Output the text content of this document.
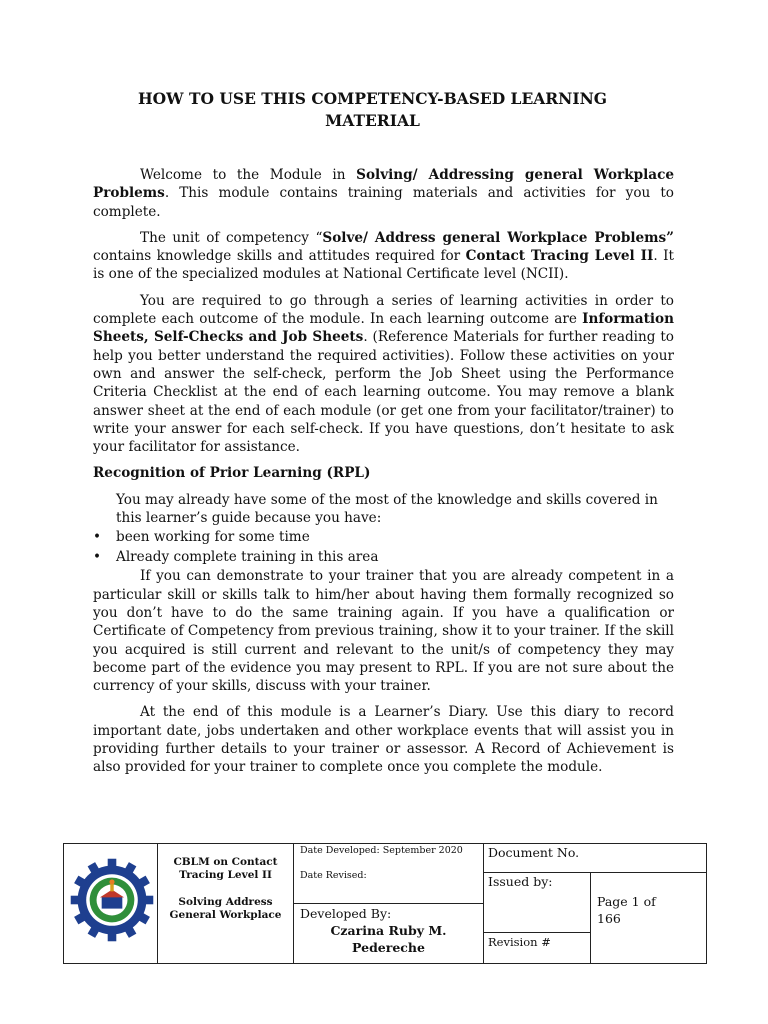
HOW TO USE THIS COMPETENCY-BASED LEARNING
MATERIAL

Welcome to the Module in Solving/ Addressing general Workplace Problems. This module contains training materials and activities for you to complete.

The unit of competency “Solve/ Address general Workplace Problems” contains knowledge skills and attitudes required for Contact Tracing Level II. It is one of the specialized modules at National Certificate level (NCII).

You are required to go through a series of learning activities in order to complete each outcome of the module. In each learning outcome are Information Sheets, Self-Checks and Job Sheets. (Reference Materials for further reading to help you better understand the required activities). Follow these activities on your own and answer the self-check, perform the Job Sheet using the Performance Criteria Checklist at the end of each learning outcome. You may remove a blank answer sheet at the end of each module (or get one from your facilitator/trainer) to write your answer for each self-check. If you have questions, don’t hesitate to ask your facilitator for assistance.

Recognition of Prior Learning (RPL)

You may already have some of the most of the knowledge and skills covered in this learner’s guide because you have:

• been working for some time
• Already complete training in this area

If you can demonstrate to your trainer that you are already competent in a particular skill or skills talk to him/her about having them formally recognized so you don’t have to do the same training again. If you have a qualification or Certificate of Competency from previous training, show it to your trainer. If the skill you acquired is still current and relevant to the unit/s of competency they may become part of the evidence you may present to RPL. If you are not sure about the currency of your skills, discuss with your trainer.

At the end of this module is a Learner’s Diary. Use this diary to record important date, jobs undertaken and other workplace events that will assist you in providing further details to your trainer or assessor. A Record of Achievement is also provided for your trainer to complete once you complete the module.

CBLM on Contact
Tracing Level II
Solving Address
General Workplace
Date Developed: September 2020
Date Revised:
Developed By:
Czarina Ruby M.
Pedereche
Document No.
Issued by:
Page 1 of
166
Revision #
